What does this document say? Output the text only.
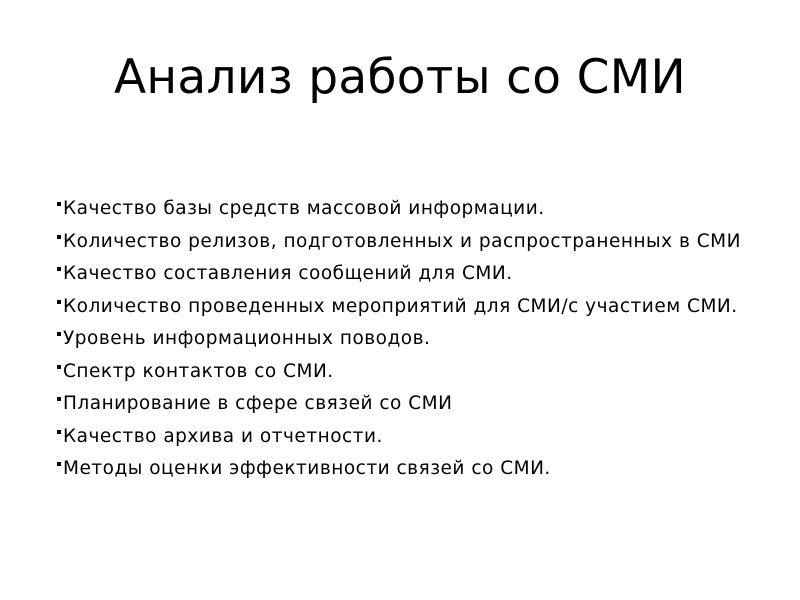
Анализ работы со СМИ
Качество базы средств массовой информации.
Количество релизов, подготовленных и распространенных в СМИ
Качество составления сообщений для СМИ.
Количество проведенных мероприятий для СМИ/с участием СМИ.
Уровень информационных поводов.
Спектр контактов со СМИ.
Планирование в сфере связей со СМИ
Качество архива и отчетности.
Методы оценки эффективности связей со СМИ.
